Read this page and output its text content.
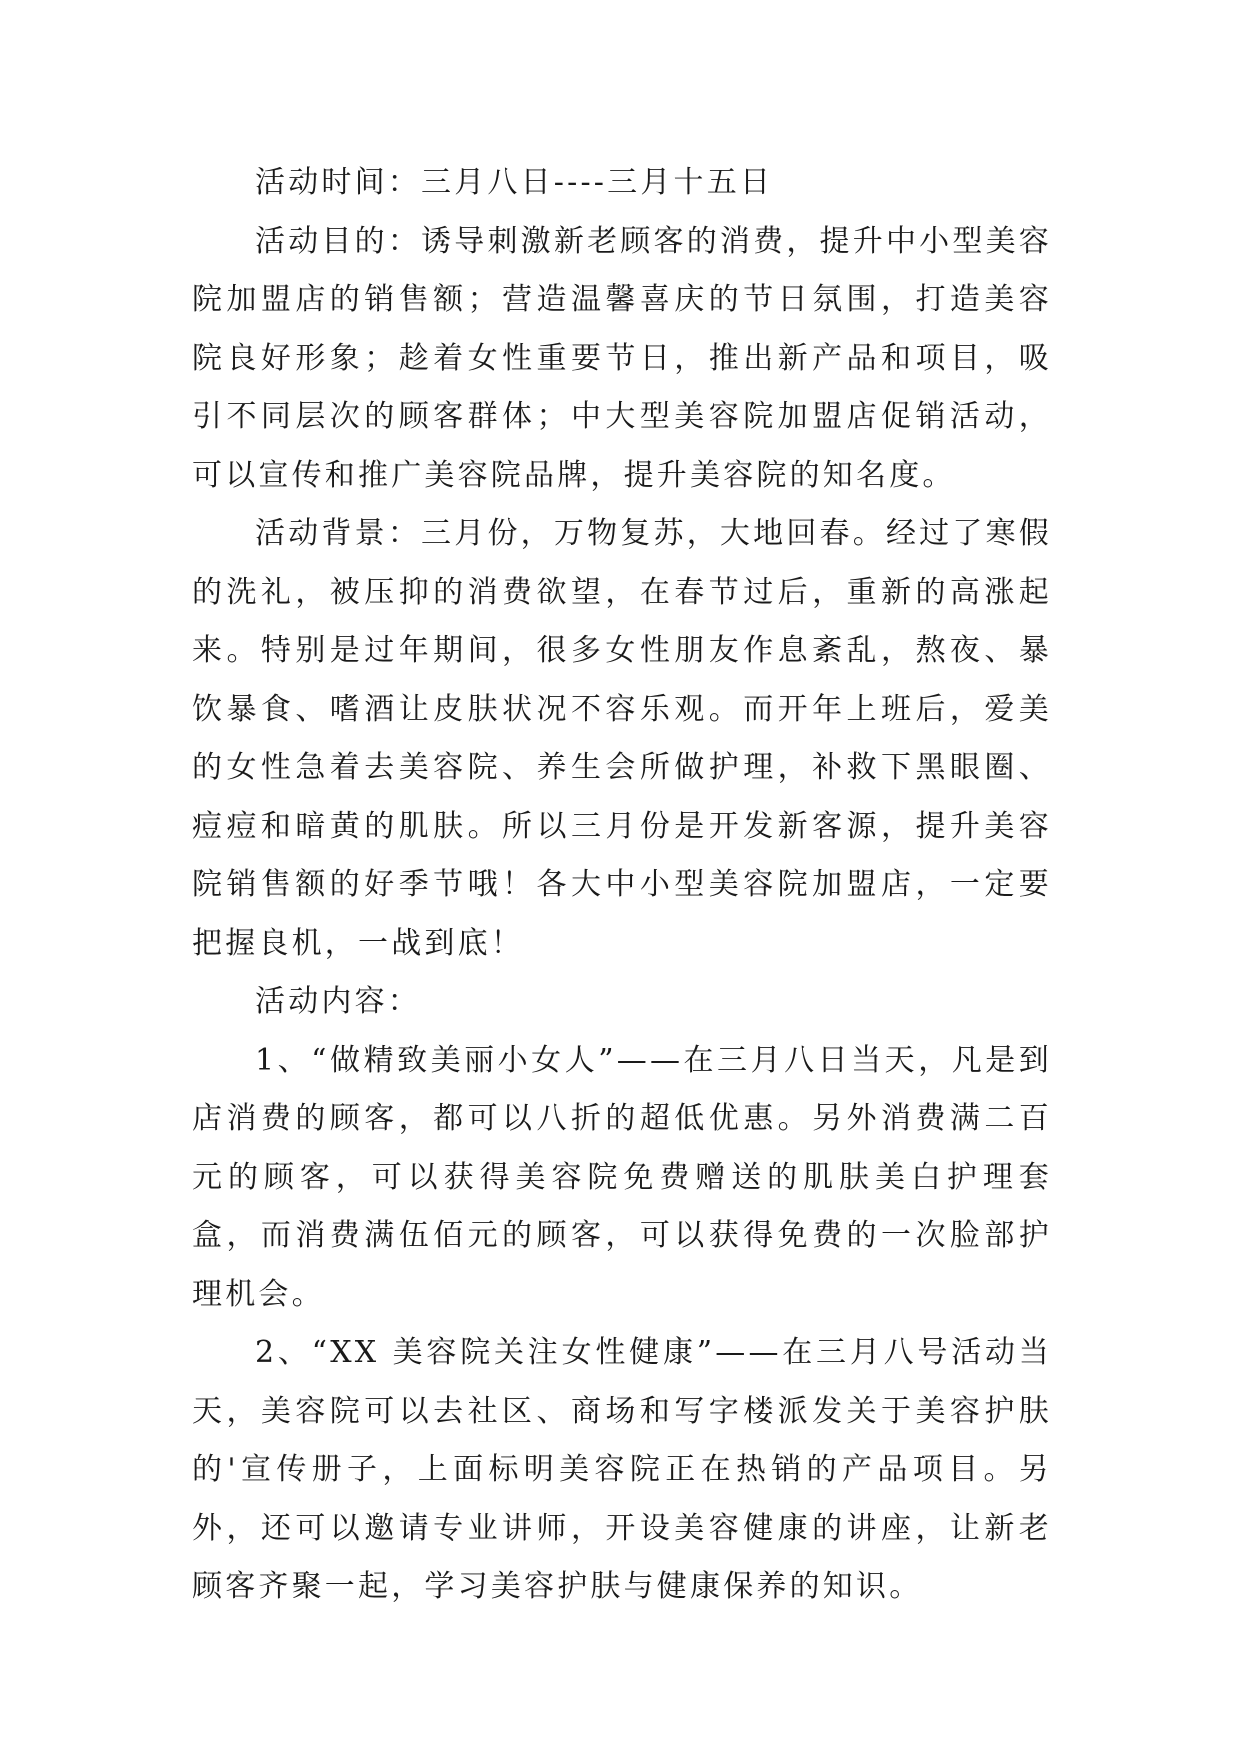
活动时间：三月八日----三月十五日

活动目的：诱导刺激新老顾客的消费，提升中小型美容院加盟店的销售额；营造温馨喜庆的节日氛围，打造美容院良好形象；趁着女性重要节日，推出新产品和项目，吸引不同层次的顾客群体；中大型美容院加盟店促销活动，可以宣传和推广美容院品牌，提升美容院的知名度。

活动背景：三月份，万物复苏，大地回春。经过了寒假的洗礼，被压抑的消费欲望，在春节过后，重新的高涨起来。特别是过年期间，很多女性朋友作息紊乱，熬夜、暴饮暴食、嗜酒让皮肤状况不容乐观。而开年上班后，爱美的女性急着去美容院、养生会所做护理，补救下黑眼圈、痘痘和暗黄的肌肤。所以三月份是开发新客源，提升美容院销售额的好季节哦！各大中小型美容院加盟店，一定要把握良机，一战到底！

活动内容：

1、“做精致美丽小女人”——在三月八日当天，凡是到店消费的顾客，都可以八折的超低优惠。另外消费满二百元的顾客，可以获得美容院免费赠送的肌肤美白护理套盒，而消费满伍佰元的顾客，可以获得免费的一次脸部护理机会。

2、“XX 美容院关注女性健康”——在三月八号活动当天，美容院可以去社区、商场和写字楼派发关于美容护肤的'宣传册子，上面标明美容院正在热销的产品项目。另外，还可以邀请专业讲师，开设美容健康的讲座，让新老顾客齐聚一起，学习美容护肤与健康保养的知识。
